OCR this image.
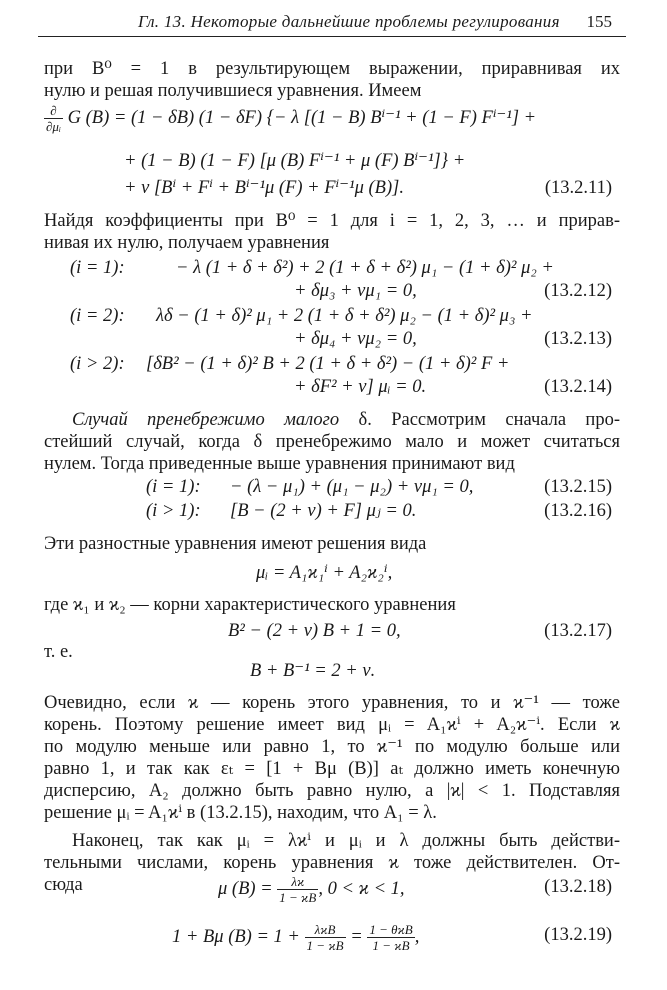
Гл. 13. Некоторые дальнейшие проблемы регулирования 155
при B⁰ = 1 в результирующем выражении, приравнивая их
нулю и решая получившиеся уравнения. Имеем
$\frac{\partial}{\text{∂μᵢ}}$ G (B) = (1 − δB) (1 − δF) {− λ [(1 − B) Bⁱ⁻¹ + (1 − F) Fⁱ⁻¹] +
+ (1 − B) (1 − F) [μ (B) Fⁱ⁻¹ + μ (F) Bⁱ⁻¹]} +
+ ν [Bⁱ + Fⁱ + Bⁱ⁻¹μ (F) + Fⁱ⁻¹μ (B)].	(13.2.11)
Найдя коэффициенты при B⁰ = 1 для i = 1, 2, 3, … и прирав-
нивая их нулю, получаем уравнения
(i = 1):	− λ (1 + δ + δ²) + 2 (1 + δ + δ²) μ₁ − (1 + δ)² μ₂ +
+ δμ₃ + νμ₁ = 0,	(13.2.12)
(i = 2): λδ − (1 + δ)² μ₁ + 2 (1 + δ + δ²) μ₂ − (1 + δ)² μ₃ +
+ δμ₄ + νμ₂ = 0,	(13.2.13)
(i > 2): [δB² − (1 + δ)² B + 2 (1 + δ + δ²) − (1 + δ)² F +
+ δF² + ν] μᵢ = 0.	(13.2.14)
Случай пренебрежимо малого δ. Рассмотрим сначала про-
стейший случай, когда δ пренебрежимо мало и может считаться
нулем. Тогда приведенные выше уравнения принимают вид
(i = 1): − (λ − μ₁) + (μ₁ − μ₂) + νμ₁ = 0,	(13.2.15)
(i > 1): [B − (2 + ν) + F] μⱼ = 0.	(13.2.16)
Эти разностные уравнения имеют решения вида
μᵢ = A₁ϰ₁ⁱ + A₂ϰ₂ⁱ,
где ϰ₁ и ϰ₂ — корни характеристического уравнения
B² − (2 + ν) B + 1 = 0,	(13.2.17)
т. е.
B + B⁻¹ = 2 + ν.
Очевидно, если ϰ — корень этого уравнения, то и ϰ⁻¹ — тоже
корень. Поэтому решение имеет вид μᵢ = A₁ϰⁱ + A₂ϰ⁻ⁱ. Если ϰ
по модулю меньше или равно 1, то ϰ⁻¹ по модулю больше или
равно 1, и так как εₜ = [1 + Bμ (B)] aₜ должно иметь конечную
дисперсию, A₂ должно быть равно нулю, а |ϰ| < 1. Подставляя
решение μᵢ = A₁ϰⁱ в (13.2.15), находим, что A₁ = λ.
Наконец, так как μᵢ = λϰⁱ и μᵢ и λ должны быть действи-
тельными числами, корень уравнения ϰ тоже действителен. От-
сюда	μ $(B) = \frac{\lambda ϰ}{1 - ϰB}$ , 0 < ϰ < 1,	(13.2.18)
1 + Bμ $(B) = 1 + \frac{\text{λϰB}}{1 - ϰB} = \frac{\text{1 − θϰB}}{1 - ϰB}$ ,	(13.2.19)
